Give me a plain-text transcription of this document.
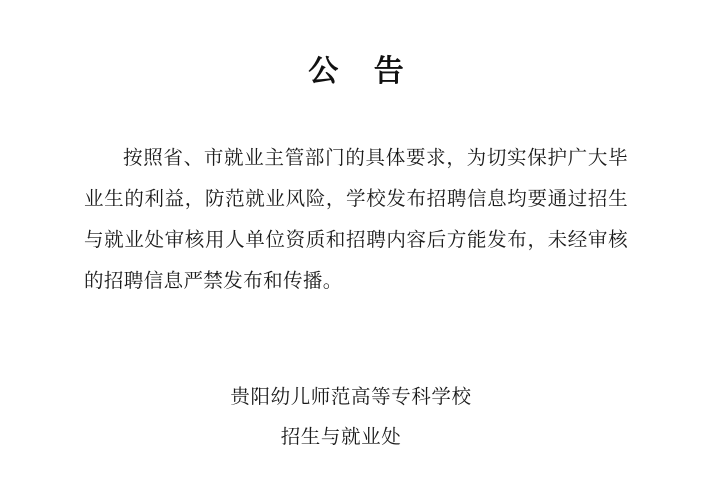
公 告

按照省、市就业主管部门的具体要求，为切实保护广大毕业生的利益，防范就业风险，学校发布招聘信息均要通过招生与就业处审核用人单位资质和招聘内容后方能发布，未经审核的招聘信息严禁发布和传播。

贵阳幼儿师范高等专科学校
招生与就业处
